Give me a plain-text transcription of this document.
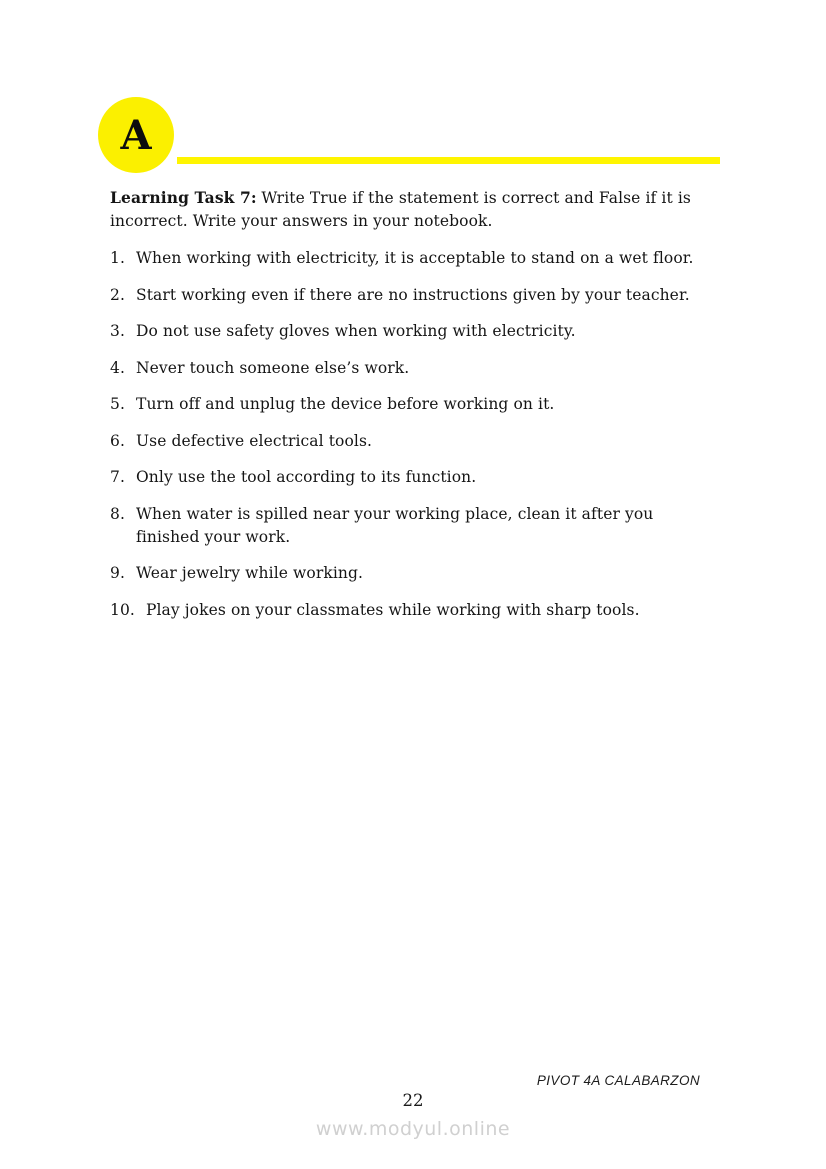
A

Learning Task 7: Write True if the statement is correct and False if it is incorrect. Write your answers in your notebook.

1. When working with electricity, it is acceptable to stand on a wet floor.
2. Start working even if there are no instructions given by your teacher.
3. Do not use safety gloves when working with electricity.
4. Never touch someone else’s work.
5. Turn off and unplug the device before working on it.
6. Use defective electrical tools.
7. Only use the tool according to its function.
8. When water is spilled near your working place, clean it after you finished your work.
9. Wear jewelry while working.
10. Play jokes on your classmates while working with sharp tools.
PIVOT 4A CALABARZON
22
www.modyul.online
